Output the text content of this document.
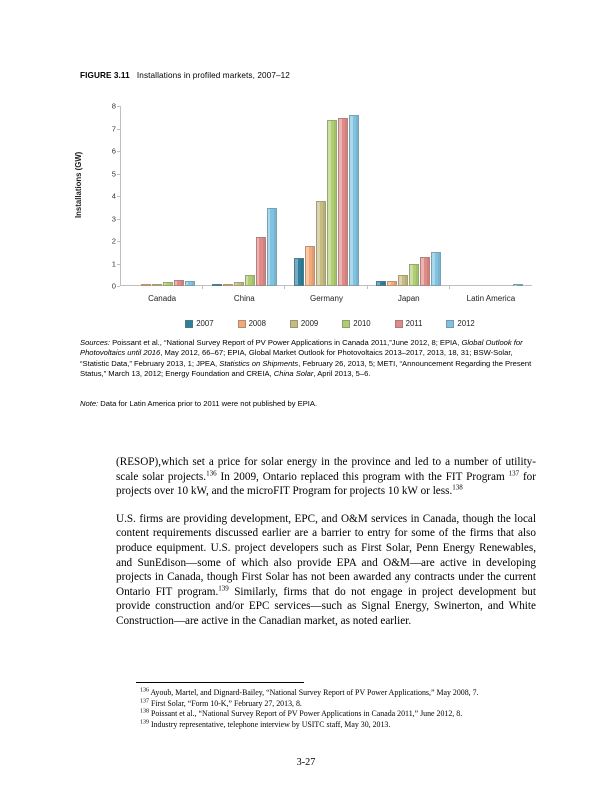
FIGURE 3.11 Installations in profiled markets, 2007–12
Installations (GW)
0
1
2
3
4
5
6
7
8
Canada	China	Germany	Japan	Latin America
2007	2008	2009	2010	2011	2012
Sources: Poissant et al., “National Survey Report of PV Power Applications in Canada 2011,”June 2012, 8; EPIA, Global Outlook for Photovoltaics until 2016, May 2012, 66–67; EPIA, Global Market Outlook for Photovoltaics 2013–2017, 2013, 18, 31; BSW-Solar, “Statistic Data,” February 2013, 1; JPEA, Statistics on Shipments, February 26, 2013, 5; METI, “Announcement Regarding the Present Status,” March 13, 2012; Energy Foundation and CREIA, China Solar, April 2013, 5–6.
Note: Data for Latin America prior to 2011 were not published by EPIA.

(RESOP),which set a price for solar energy in the province and led to a number of utility-scale solar projects.$^{136}$ In 2009, Ontario replaced this program with the FIT Program $^{137}$ for projects over 10 kW, and the microFIT Program for projects 10 kW or less.$^{138}$

U.S. firms are providing development, EPC, and O&M services in Canada, though the local content requirements discussed earlier are a barrier to entry for some of the firms that also produce equipment. U.S. project developers such as First Solar, Penn Energy Renewables, and SunEdison—some of which also provide EPA and O&M—are active in developing projects in Canada, though First Solar has not been awarded any contracts under the current Ontario FIT program.$^{139}$ Similarly, firms that do not engage in project development but provide construction and/or EPC services—such as Signal Energy, Swinerton, and White Construction—are active in the Canadian market, as noted earlier.

$^{136}$ Ayoub, Martel, and Dignard-Bailey, “National Survey Report of PV Power Applications,” May 2008, 7.

$^{137}$ First Solar, “Form 10-K,” February 27, 2013, 8.

$^{138}$ Poissant et al., “National Survey Report of PV Power Applications in Canada 2011,” June 2012, 8.

$^{139}$ Industry representative, telephone interview by USITC staff, May 30, 2013.

3-27
